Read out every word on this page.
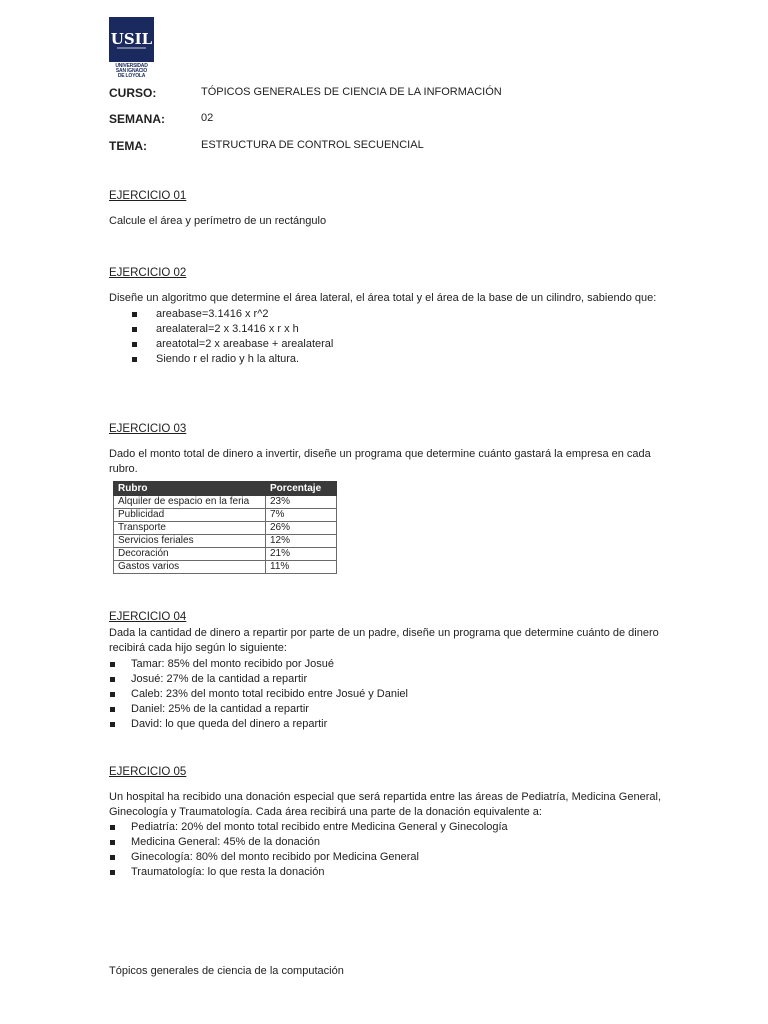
USIL
UNIVERSIDAD
SAN IGNACIO
DE LOYOLA
CURSO:	TÓPICOS GENERALES DE CIENCIA DE LA INFORMACIÓN
SEMANA:	02
TEMA:	ESTRUCTURA DE CONTROL SECUENCIAL

EJERCICIO 01

Calcule el área y perímetro de un rectángulo

EJERCICIO 02

Diseñe un algoritmo que determine el área lateral, el área total y el área de la base de un cilindro, sabiendo que:

areabase=3.1416 x r^2
arealateral=2 x 3.1416 x r x h
areatotal=2 x areabase + arealateral
Siendo r el radio y h la altura.

EJERCICIO 03

Dado el monto total de dinero a invertir, diseñe un programa que determine cuánto gastará la empresa en cada rubro.

Rubro	Porcentaje
Alquiler de espacio en la feria	23%
Publicidad	7%
Transporte	26%
Servicios feriales	12%
Decoración	21%
Gastos varios	11%

EJERCICIO 04

Dada la cantidad de dinero a repartir por parte de un padre, diseñe un programa que determine cuánto de dinero recibirá cada hijo según lo siguiente:

Tamar: 85% del monto recibido por Josué
Josué: 27% de la cantidad a repartir
Caleb: 23% del monto total recibido entre Josué y Daniel
Daniel: 25% de la cantidad a repartir
David: lo que queda del dinero a repartir

EJERCICIO 05

Un hospital ha recibido una donación especial que será repartida entre las áreas de Pediatría, Medicina General, Ginecología y Traumatología. Cada área recibirá una parte de la donación equivalente a:

Pediatría: 20% del monto total recibido entre Medicina General y Ginecología
Medicina General: 45% de la donación
Ginecología: 80% del monto recibido por Medicina General
Traumatología: lo que resta la donación
Tópicos generales de ciencia de la computación
